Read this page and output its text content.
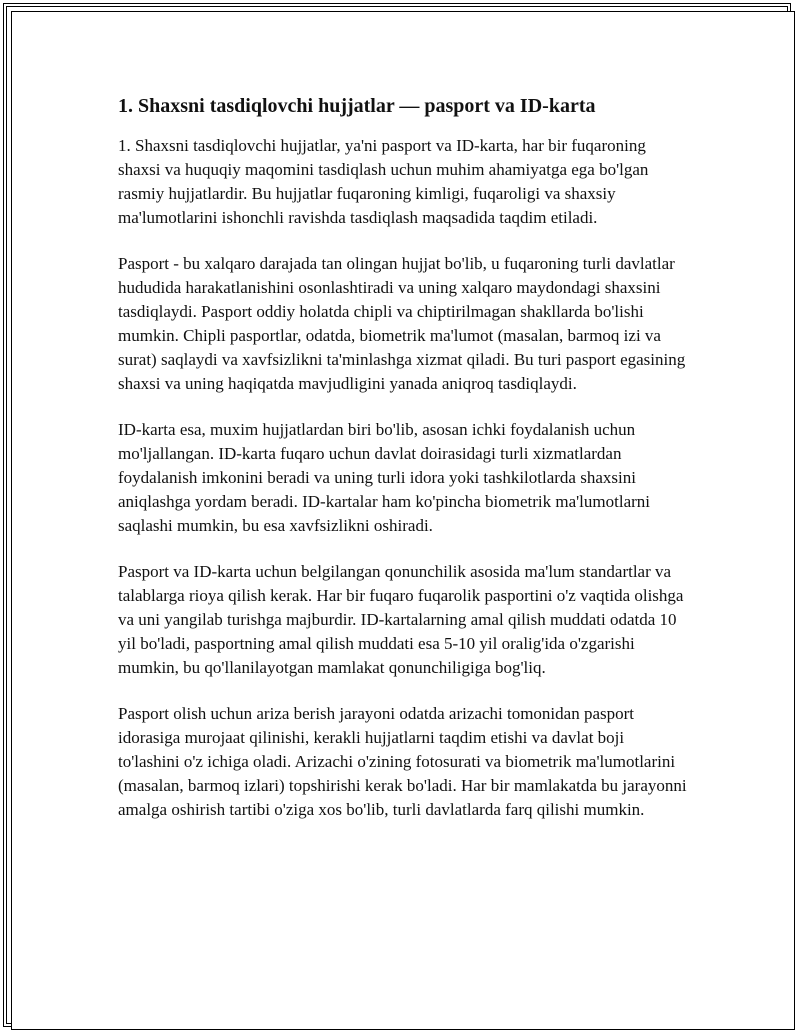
1. Shaxsni tasdiqlovchi hujjatlar — pasport va ID-karta

1. Shaxsni tasdiqlovchi hujjatlar, ya'ni pasport va ID-karta, har bir fuqaroning shaxsi va huquqiy maqomini tasdiqlash uchun muhim ahamiyatga ega bo'lgan rasmiy hujjatlardir. Bu hujjatlar fuqaroning kimligi, fuqaroligi va shaxsiy ma'lumotlarini ishonchli ravishda tasdiqlash maqsadida taqdim etiladi.

Pasport - bu xalqaro darajada tan olingan hujjat bo'lib, u fuqaroning turli davlatlar hududida harakatlanishini osonlashtiradi va uning xalqaro maydondagi shaxsini tasdiqlaydi. Pasport oddiy holatda chipli va chiptirilmagan shakllarda bo'lishi mumkin. Chipli pasportlar, odatda, biometrik ma'lumot (masalan, barmoq izi va surat) saqlaydi va xavfsizlikni ta'minlashga xizmat qiladi. Bu turi pasport egasining shaxsi va uning haqiqatda mavjudligini yanada aniqroq tasdiqlaydi.

ID-karta esa, muxim hujjatlardan biri bo'lib, asosan ichki foydalanish uchun mo'ljallangan. ID-karta fuqaro uchun davlat doirasidagi turli xizmatlardan foydalanish imkonini beradi va uning turli idora yoki tashkilotlarda shaxsini aniqlashga yordam beradi. ID-kartalar ham ko'pincha biometrik ma'lumotlarni saqlashi mumkin, bu esa xavfsizlikni oshiradi.

Pasport va ID-karta uchun belgilangan qonunchilik asosida ma'lum standartlar va talablarga rioya qilish kerak. Har bir fuqaro fuqarolik pasportini o'z vaqtida olishga va uni yangilab turishga majburdir. ID-kartalarning amal qilish muddati odatda 10 yil bo'ladi, pasportning amal qilish muddati esa 5-10 yil oralig'ida o'zgarishi mumkin, bu qo'llanilayotgan mamlakat qonunchiligiga bog'liq.

Pasport olish uchun ariza berish jarayoni odatda arizachi tomonidan pasport idorasiga murojaat qilinishi, kerakli hujjatlarni taqdim etishi va davlat boji to'lashini o'z ichiga oladi. Arizachi o'zining fotosurati va biometrik ma'lumotlarini (masalan, barmoq izlari) topshirishi kerak bo'ladi. Har bir mamlakatda bu jarayonni amalga oshirish tartibi o'ziga xos bo'lib, turli davlatlarda farq qilishi mumkin.
